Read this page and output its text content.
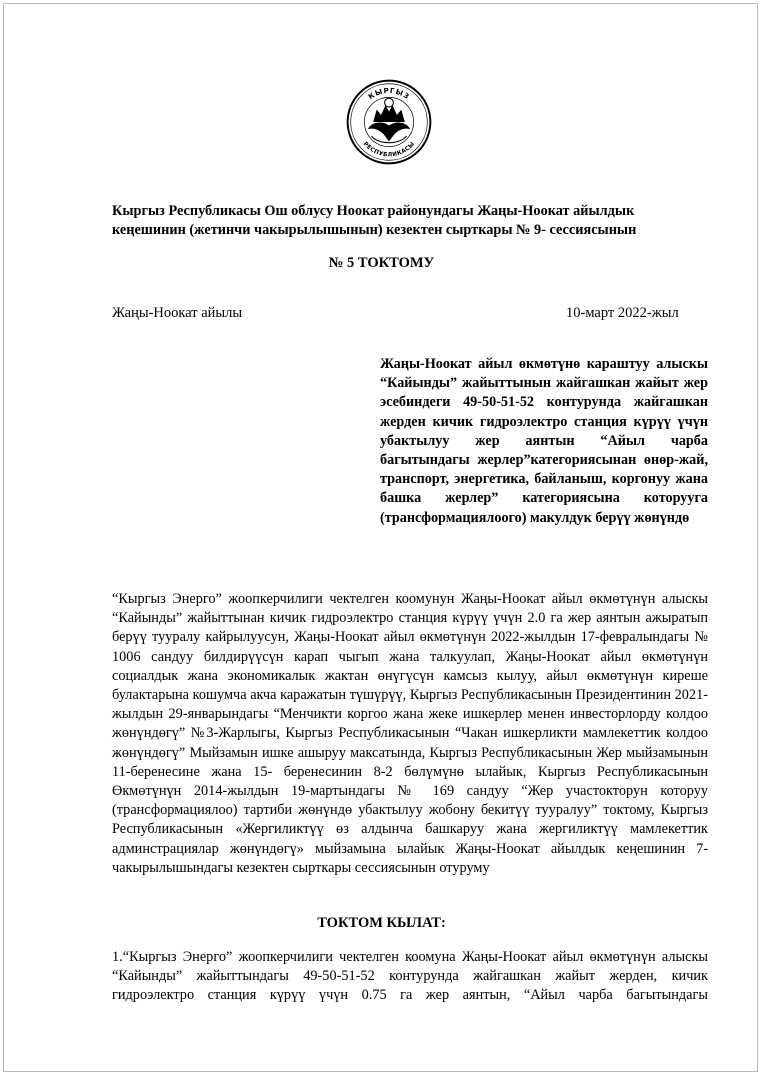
КЫРГЫЗ
РЕСПУБЛИКАСЫ
Кыргыз Республикасы Ош облусу Ноокат районундагы Жаңы-Ноокат айылдык
кеңешинин (жетинчи чакырылышынын) кезектен сырткары № 9- сессиясынын
№ 5 ТОКТОМУ
Жаңы-Ноокат айылы	10-март 2022-жыл
Жаңы-Ноокат айыл өкмөтүнө караштуу алыскы “Кайынды” жайыттынын жайгашкан жайыт жер эсебиндеги 49-50-51-52 контурунда жайгашкан жерден кичик гидроэлектро станция күрүү үчүн убактылуу жер аянтын “Айыл чарба багытындагы жерлер”категориясынан өнөр-жай, транспорт, энергетика, байланыш, коргонуу жана башка жерлер” категориясына которууга (трансформациялоого) макулдук берүү жөнүндө
“Кыргыз Энерго” жоопкерчилиги чектелген коомунун Жаңы-Ноокат айыл өкмөтүнүн алыскы “Кайынды” жайыттынан кичик гидроэлектро станция күрүү үчүн 2.0 га жер аянтын ажыратып берүү тууралу кайрылуусун, Жаңы-Ноокат айыл өкмөтүнүн 2022-жылдын 17-февралындагы № 1006 сандуу билдирүүсүн карап чыгып жана талкуулап, Жаңы-Ноокат айыл өкмөтүнүн социалдык жана экономикалык жактан өнүгүсүн камсыз кылуу, айыл өкмөтүнүн киреше булактарына кошумча акча каражатын түшүрүү, Кыргыз Республикасынын Президентинин 2021-жылдын 29-январындагы “Менчикти коргоо жана жеке ишкерлер менен инвесторлорду колдоо жөнүндөгү” №3-Жарлыгы, Кыргыз Республикасынын “Чакан ишкерликти мамлекеттик колдоо жөнүндөгү” Мыйзамын ишке ашыруу максатында, Кыргыз Республикасынын Жер мыйзамынын 11-беренесине жана 15- беренесинин 8-2 бөлүмүнө ылайык, Кыргыз Республикасынын Өкмөтүнүн 2014-жылдын 19-мартындагы № 169 сандуу “Жер участокторун которуу (трансформациялоо) тартиби жөнүндө убактылуу жобону бекитүү тууралуу” токтому, Кыргыз Республикасынын «Жергиликтүү өз алдынча башкаруу жана жергиликтүү мамлекеттик админстрациялар жөнүндөгү» мыйзамына ылайык Жаңы-Ноокат айылдык кеңешинин 7-чакырылышындагы кезектен сырткары сессиясынын отуруму
ТОКТОМ КЫЛАТ:
1.“Кыргыз Энерго” жоопкерчилиги чектелген коомуна Жаңы-Ноокат айыл өкмөтүнүн алыскы “Кайынды” жайыттындагы 49-50-51-52 контурунда жайгашкан жайыт жерден, кичик гидроэлектро станция күрүү үчүн 0.75 га жер аянтын, “Айыл чарба багытындагы
